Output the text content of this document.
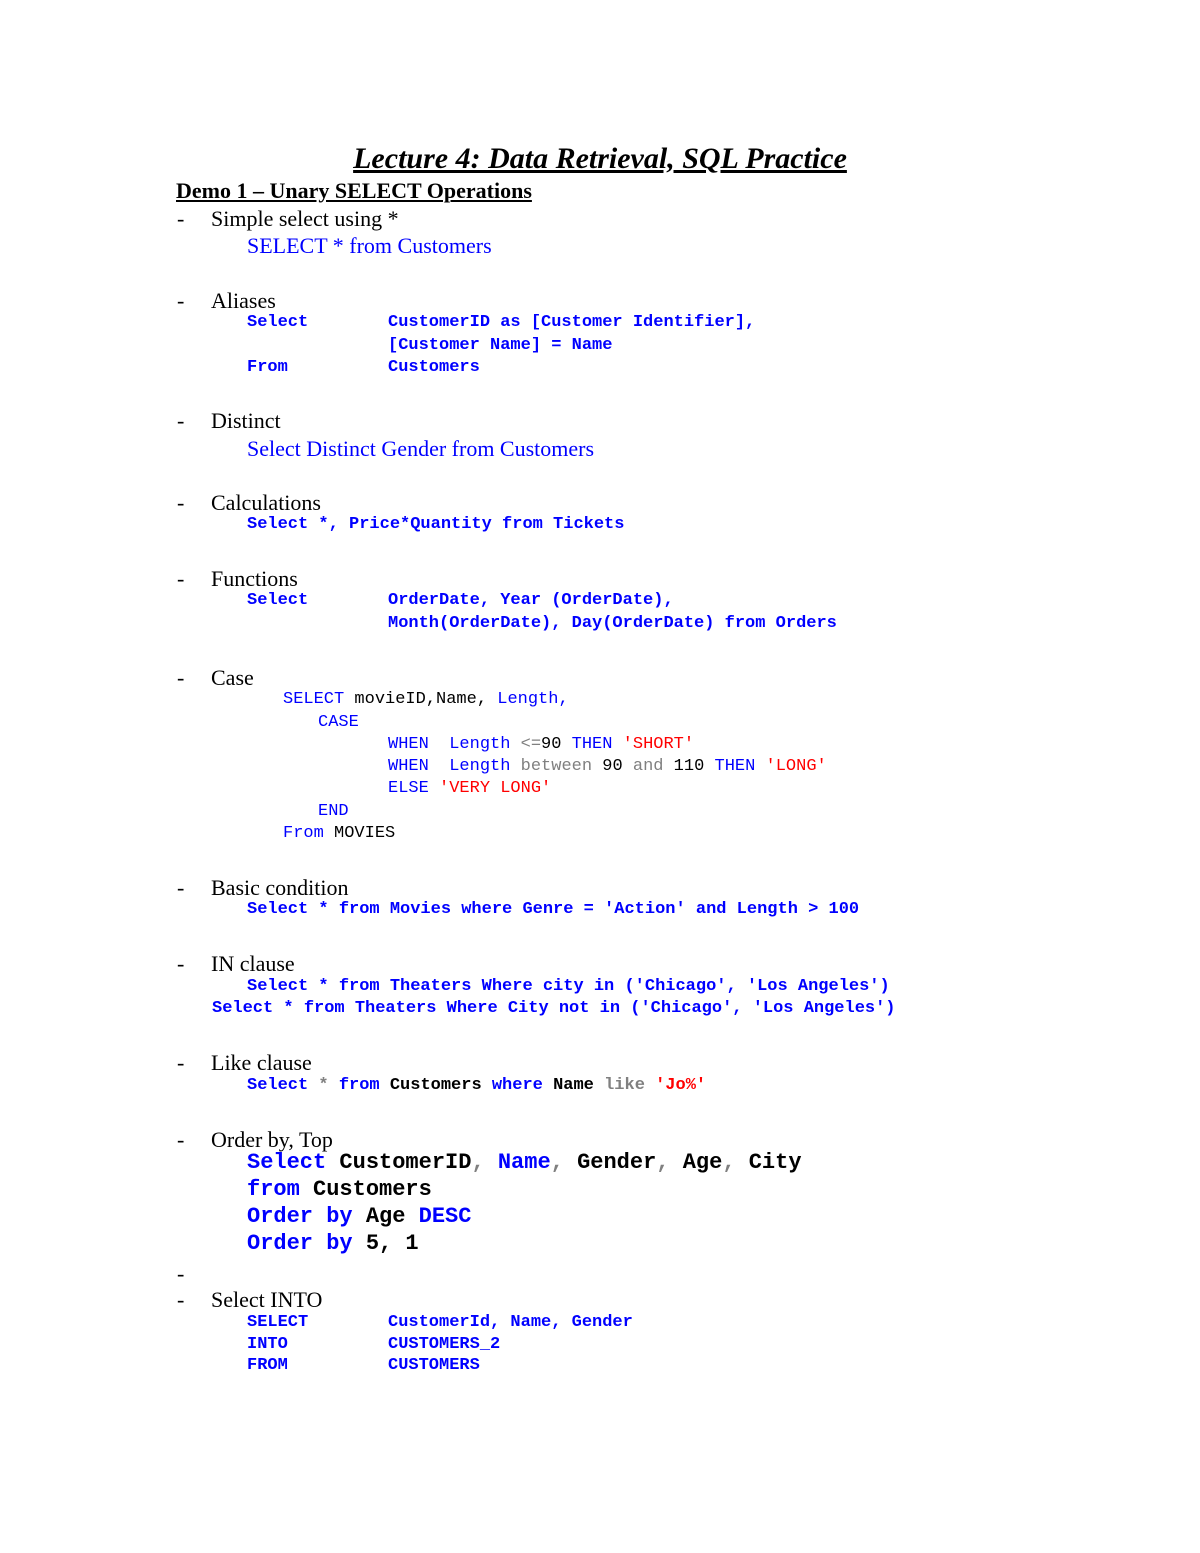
Lecture 4: Data Retrieval, SQL Practice
Demo 1 – Unary SELECT Operations
- Simple select using *
SELECT * from Customers
- Aliases
Select	CustomerID as [Customer Identifier],
[Customer Name] = Name
From	Customers
- Distinct
Select Distinct Gender from Customers
- Calculations
Select *, Price*Quantity from Tickets
- Functions
Select	OrderDate, Year (OrderDate),
Month(OrderDate), Day(OrderDate) from Orders
- Case
SELECT movieID,Name, Length,
CASE
WHEN Length <=90 THEN 'SHORT'
WHEN Length between 90 and 110 THEN 'LONG'
ELSE 'VERY LONG'
END
From MOVIES
- Basic condition
Select * from Movies where Genre = 'Action' and Length > 100
- IN clause
Select * from Theaters Where city in ('Chicago', 'Los Angeles')
Select * from Theaters Where City not in ('Chicago', 'Los Angeles')
- Like clause
Select * from Customers where Name like 'Jo%'
- Order by, Top
Select CustomerID, Name, Gender, Age, City
from Customers
Order by Age DESC
Order by 5, 1
-
- Select INTO
SELECT	CustomerId, Name, Gender
INTO	CUSTOMERS_2
FROM	CUSTOMERS
